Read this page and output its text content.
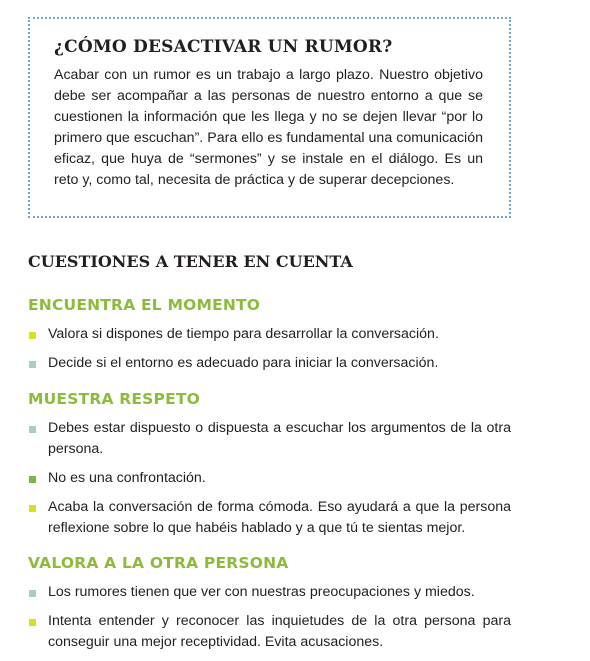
¿CÓMO DESACTIVAR UN RUMOR?

Acabar con un rumor es un trabajo a largo plazo. Nuestro objetivo debe ser acompañar a las personas de nuestro entorno a que se cuestionen la información que les llega y no se dejen llevar “por lo primero que escuchan”. Para ello es fundamental una comunicación eficaz, que huya de “sermones” y se instale en el diálogo. Es un reto y, como tal, necesita de práctica y de superar decepciones.

CUESTIONES A TENER EN CUENTA
ENCUENTRA EL MOMENTO
Valora si dispones de tiempo para desarrollar la conversación.
Decide si el entorno es adecuado para iniciar la conversación.
MUESTRA RESPETO
Debes estar dispuesto o dispuesta a escuchar los argumentos de la otra persona.
No es una confrontación.
Acaba la conversación de forma cómoda. Eso ayudará a que la persona reflexione sobre lo que habéis hablado y a que tú te sientas mejor.
VALORA A LA OTRA PERSONA
Los rumores tienen que ver con nuestras preocupaciones y miedos.
Intenta entender y reconocer las inquietudes de la otra persona para conseguir una mejor receptividad. Evita acusaciones.
